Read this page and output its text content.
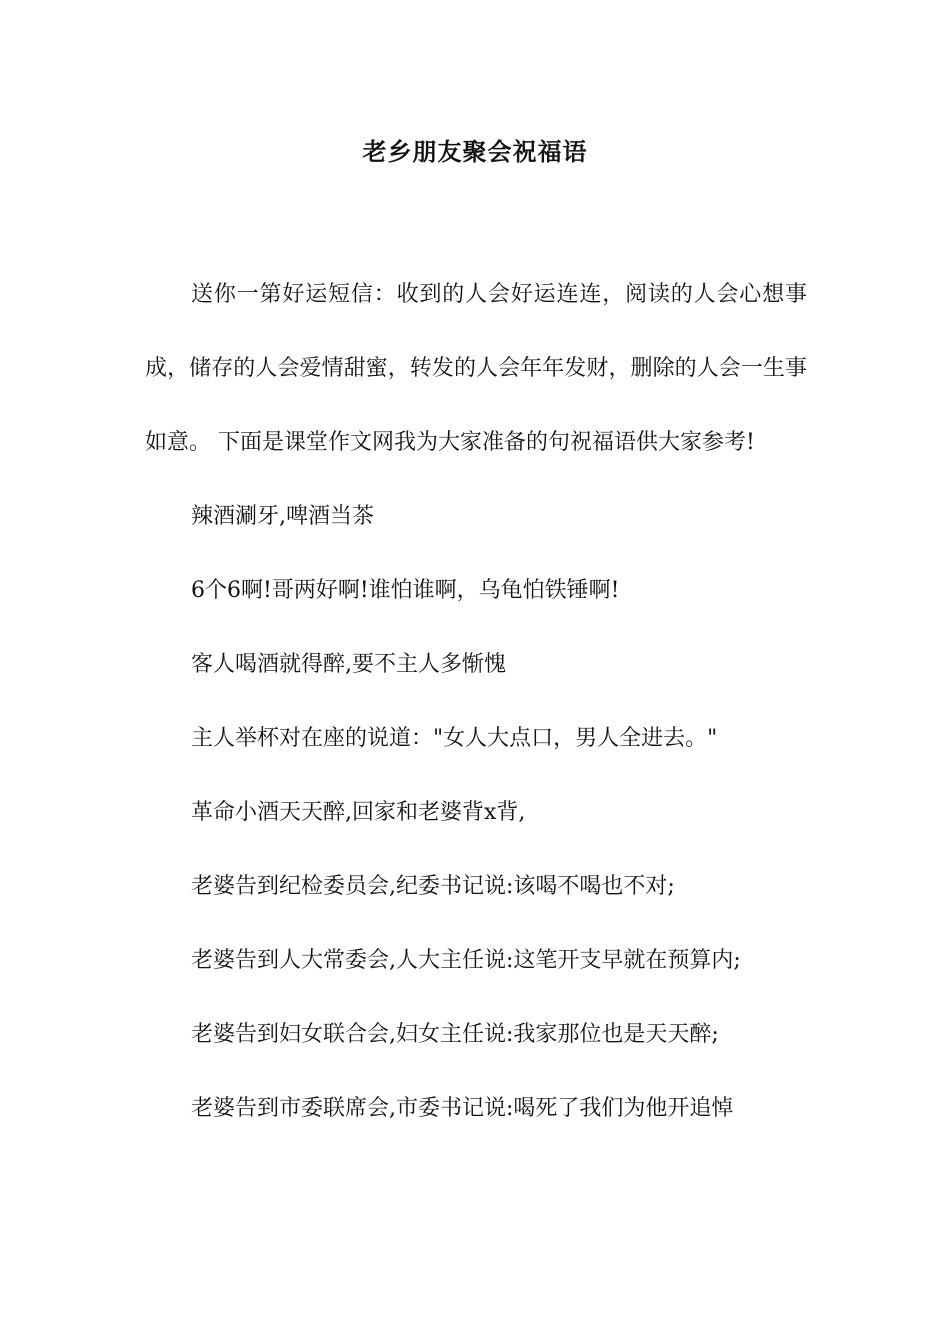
老乡朋友聚会祝福语

送你一第好运短信：收到的人会好运连连，阅读的人会心想事成，储存的人会爱情甜蜜，转发的人会年年发财，删除的人会一生事如意。 下面是课堂作文网我为大家准备的句祝福语供大家参考!

辣酒涮牙,啤酒当茶

6个6啊!哥两好啊!谁怕谁啊，乌龟怕铁锤啊!

客人喝酒就得醉,要不主人多惭愧

主人举杯对在座的说道："女人大点口，男人全进去。"

革命小酒天天醉,回家和老婆背x背,

老婆告到纪检委员会,纪委书记说:该喝不喝也不对;

老婆告到人大常委会,人大主任说:这笔开支早就在预算内;

老婆告到妇女联合会,妇女主任说:我家那位也是天天醉;

老婆告到市委联席会,市委书记说:喝死了我们为他开追悼
